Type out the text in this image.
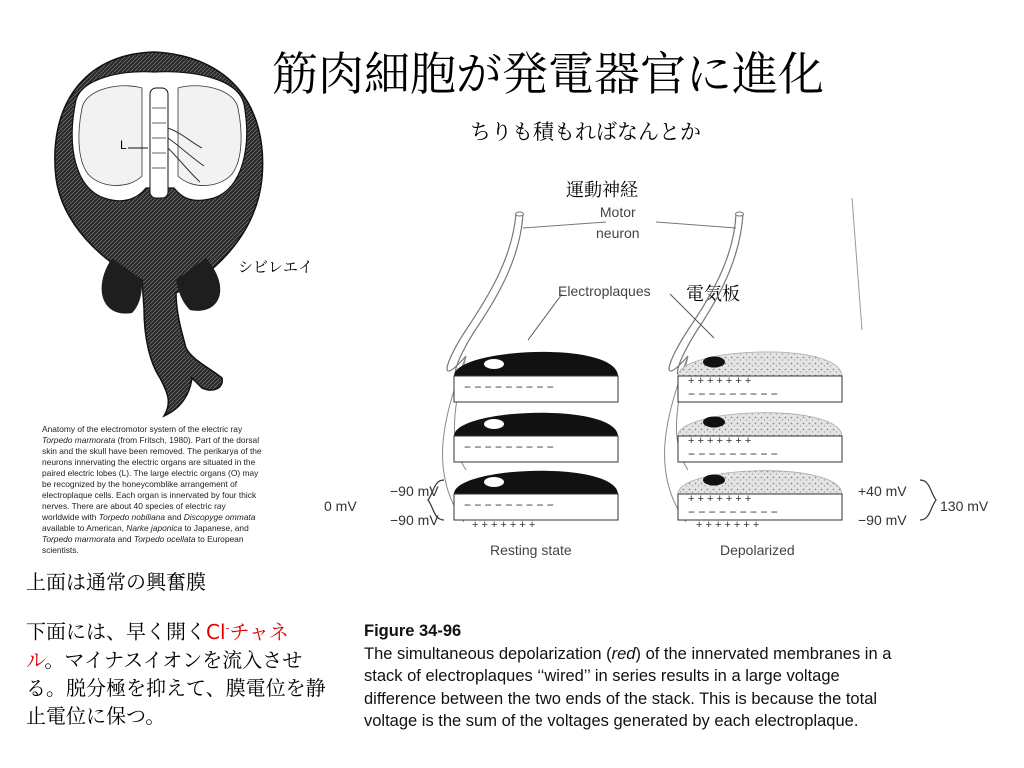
筋肉細胞が発電器官に進化
ちりも積もればなんとか
L
シビレエイ

Anatomy of the electromotor system of the electric ray Torpedo marmorata (from Fritsch, 1980). Part of the dorsal skin and the skull have been removed. The perikarya of the neurons innervating the electric organs are situated in the paired electric lobes (L). The large electric organs (O) may be recognized by the honeycomblike arrangement of electroplaque cells. Each organ is innervated by four thick nerves. There are about 40 species of electric ray worldwide with Torpedo nobiliana and Discopyge ommata available to American, Narke japonica to Japanese, and Torpedo marmorata and Torpedo ocellata to European scientists.

運動神経
電気板
− − − − − − − − −
− − − − − − − − −
− − − − − − − − −
+ + + + + + +
+ + + + + + +
− − − − − − − − −
+ + + + + + +
− − − − − − − − −
+ + + + + + +
− − − − − − − − −
+ + + + + + +
Motor
neuron
Electroplaques
0 mV
−90 mV
−90 mV
+40 mV
−90 mV
130 mV
Resting state	Depolarized

Figure 34-96
The simultaneous depolarization (red) of the innervated membranes in a stack of electroplaques ‘‘wired’’ in series results in a large voltage difference between the two ends of the stack. This is because the total voltage is the sum of the voltages generated by each electroplaque.

上面は通常の興奮膜
下面には、早く開くCl-チャネル。マイナスイオンを流入させる。脱分極を抑えて、膜電位を静止電位に保つ。
